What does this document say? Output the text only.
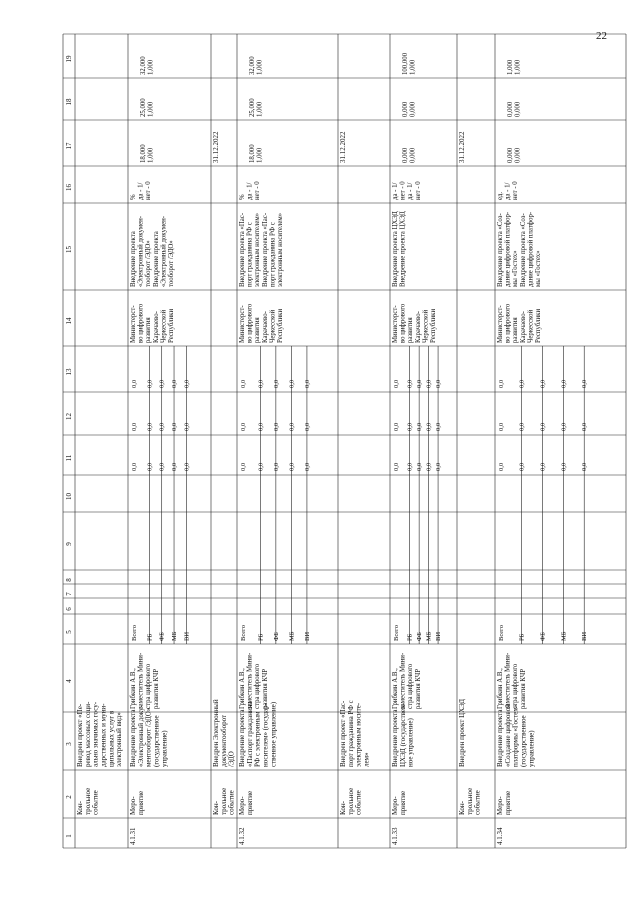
22
1
2
3
4
5
6
7
8
9
10
11
12
13
14
15
16
17
18
19
Кон-трольноесобытие
Внедрен проект «Пе-ревод массовых соци-ально значимых госу-дарственных и муни-ципальных услуг вэлектронный вид»
Всего
0,0
0,0
0,0
РБ
0,0
0,0
0,0
ФБ
0,0
0,0
0,0
МБ
0,0
0,0
0,0
ВИ
0,0
0,0
0,0
4.1.31
Меро-приятие
Внедрение проекта«Электронный доку-ментооборот /ЭДО»(государственноеуправление)
Грибкин А.В.,заместитель Мини-стра цифровогоразвития КЧР
Министерст-во цифровогоразвитияКарачаево-ЧеркесскойРеспублики
Внедрение проекта«Электронный докумен-тооборот /ЭДО»Внедрение проекта«Электронный докумен-тооборот /ЭДО»
%да - 1/нет - 0
18,0001,000
25,0001,000
32,0001,000
Кон-трольноесобытие
Внедрен Электронныйдокументооборот/ЭДО
31.12.2022
Всего
0,0
0,0
0,0
РБ
0,0
0,0
0,0
ФБ
0,0
0,0
0,0
МБ
0,0
0,0
0,0
ВИ
0,0
0,0
0,0
4.1.32
Меро-приятие
Внедрение проекта«Паспорт гражданинаРФ с электроннымносителем» (государ-ственное управление)
Грибкин А.В.,заместитель Мини-стра цифровогоразвития КЧР
Министерст-во цифровогоразвитияКарачаево-ЧеркесскойРеспублики
Внедрение проекта «Пас-порт гражданина РФ сэлектронным носителем»Внедрение проекта «Пас-порт гражданина РФ сэлектронным носителем»
%да - 1/нет - 0
18,0001,000
25,0001,000
32,0001,000
Кон-трольноесобытие
Внедрен проект «Пас-порт гражданина РФ сэлектронным носите-лем»
31.12.2022
Всего
0,0
0,0
0,0
РБ
0,0
0,0
0,0
ФБ
0,0
0,0
0,0
МБ
0,0
0,0
0,0
ВИ
0,0
0,0
0,0
4.1.33
Меро-приятие
Внедрение проектаЦХЭД (государствен-ное управление)
Грибкин А.В.,заместитель Мини-стра цифровогоразвития КЧР
Министерст-во цифровогоразвитияКарачаево-ЧеркесскойРеспублики
Внедрение проекта ЦХЭДВнедрение проекта ЦХЭД
да - 1/нет - 0да - 1/нет - 0
0,0000,000
0,0000,000
100,0001,000
Кон-трольноесобытие
Внедрен проект ЦХЭД
31.12.2022
Всего
0,0
0,0
0,0
РБ
0,0
0,0
0,0
ФБ
0,0
0,0
0,0
МБ
0,0
0,0
0,0
ВИ
0,0
0,0
0,0
4.1.34
Меро-приятие
Внедрение проекта«Создание цифровойплатформы «Гостех»(государственноеуправление)
Грибкин А.В.,заместитель Мини-стра цифровогоразвития КЧР
Министерст-во цифровогоразвитияКарачаево-ЧеркесскойРеспублики
Внедрение проекта «Соз-дание цифровой платфор-мы «Гостех»Внедрение проекта «Соз-дание цифровой платфор-мы «Гостех»
ед.да - 1/нет - 0
0,0000,000
0,0000,000
1,0001,000
